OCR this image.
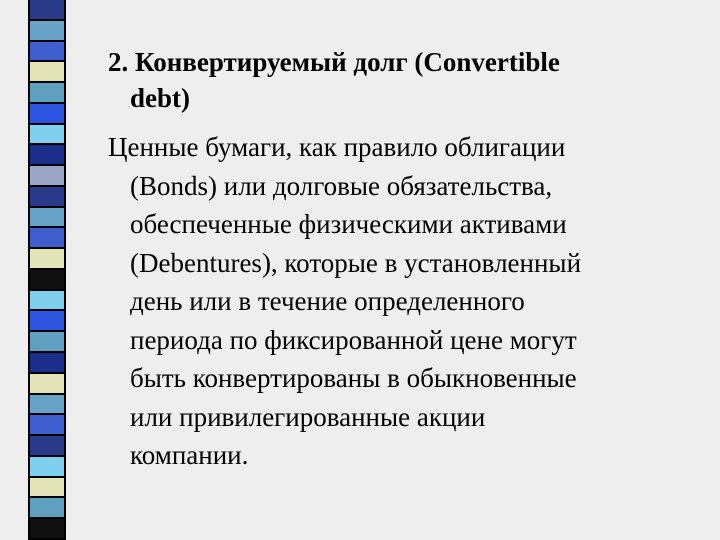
2. Конвертируемый долг (Convertible
debt)
Ценные бумаги, как правило облигации
(Bonds) или долговые обязательства,
обеспеченные физическими активами
(Debentures), которые в установленный
день или в течение определенного
периода по фиксированной цене могут
быть конвертированы в обыкновенные
или привилегированные акции
компании.
